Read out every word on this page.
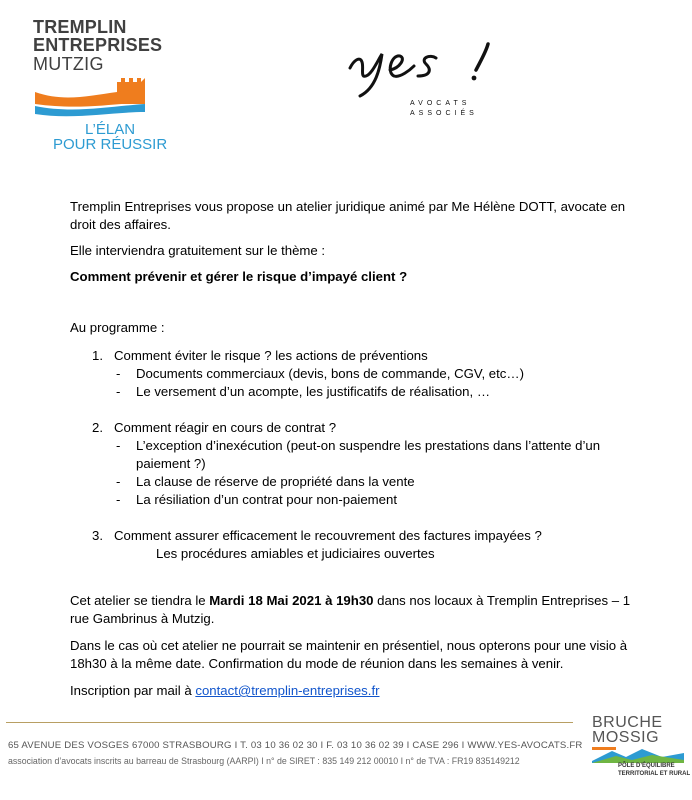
TREMPLIN
ENTREPRISES
MUTZIG
L’ÉLAN
POUR RÉUSSIR
AVOCATS
ASSOCIÉS

Tremplin Entreprises vous propose un atelier juridique animé par Me Hélène DOTT, avocate en droit des affaires.

Elle interviendra gratuitement sur le thème :

Comment prévenir et gérer le risque d’impayé client ?

Au programme :

1. Comment éviter le risque ? les actions de préventions
- Documents commerciaux (devis, bons de commande, CGV, etc…)
- Le versement d’un acompte, les justificatifs de réalisation, …
2. Comment réagir en cours de contrat ?
- L’exception d’inexécution (peut-on suspendre les prestations dans l’attente d’un paiement ?)
- La clause de réserve de propriété dans la vente
- La résiliation d’un contrat pour non-paiement
3. Comment assurer efficacement le recouvrement des factures impayées ?
Les procédures amiables et judiciaires ouvertes

Cet atelier se tiendra le Mardi 18 Mai 2021 à 19h30 dans nos locaux à Tremplin Entreprises – 1 rue Gambrinus à Mutzig.

Dans le cas où cet atelier ne pourrait se maintenir en présentiel, nous opterons pour une visio à 18h30 à la même date. Confirmation du mode de réunion dans les semaines à venir.

Inscription par mail à contact@tremplin-entreprises.fr

65 AVENUE DES VOSGES 67000 STRASBOURG I T. 03 10 36 02 30 I F. 03 10 36 02 39 I CASE 296 I WWW.YES-AVOCATS.FR
association d’avocats inscrits au barreau de Strasbourg (AARPI) I n° de SIRET : 835 149 212 00010 I n° de TVA : FR19 835149212
BRUCHE
MOSSIG
PÔLE D’ÉQUILIBRE
TERRITORIAL ET RURAL
